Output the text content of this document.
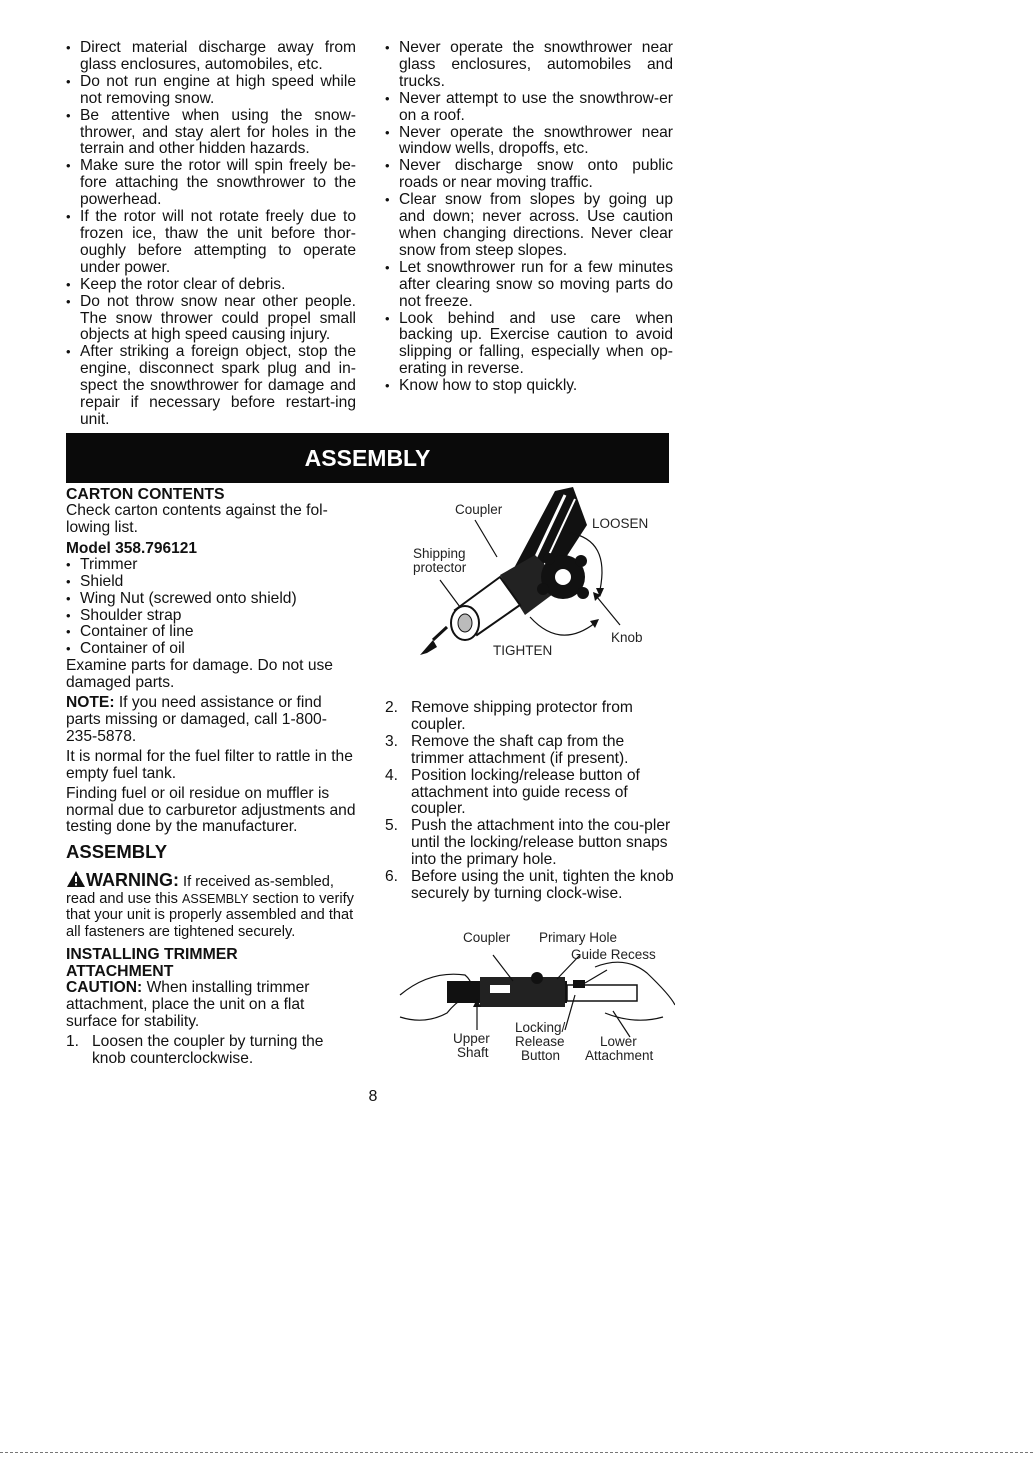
• Direct material discharge away from glass enclosures, automobiles, etc.
• Do not run engine at high speed while not removing snow.
• Be attentive when using the snow-thrower, and stay alert for holes in the terrain and other hidden hazards.
• Make sure the rotor will spin freely be-fore attaching the snowthrower to the powerhead.
• If the rotor will not rotate freely due to frozen ice, thaw the unit before thor-oughly before attempting to operate under power.
• Keep the rotor clear of debris.
• Do not throw snow near other people. The snow thrower could propel small objects at high speed causing injury.
• After striking a foreign object, stop the engine, disconnect spark plug and in-spect the snowthrower for damage and repair if necessary before restart-ing unit.
• Never operate the snowthrower near glass enclosures, automobiles and trucks.
• Never attempt to use the snowthrow-er on a roof.
• Never operate the snowthrower near window wells, dropoffs, etc.
• Never discharge snow onto public roads or near moving traffic.
• Clear snow from slopes by going up and down; never across. Use caution when changing directions. Never clear snow from steep slopes.
• Let snowthrower run for a few minutes after clearing snow so moving parts do not freeze.
• Look behind and use care when backing up. Exercise caution to avoid slipping or falling, especially when op-erating in reverse.
• Know how to stop quickly.
ASSEMBLY
CARTON CONTENTS

Check carton contents against the fol-lowing list.

Model 358.796121
• Trimmer
• Shield
• Wing Nut (screwed onto shield)
• Shoulder strap
• Container of line
• Container of oil

Examine parts for damage. Do not use damaged parts.

NOTE: If you need assistance or find parts missing or damaged, call 1-800-235-5878.

It is normal for the fuel filter to rattle in the empty fuel tank.

Finding fuel or oil residue on muffler is normal due to carburetor adjustments and testing done by the manufacturer.

ASSEMBLY
WARNING: If received as-sembled, read and use this ASSEMBLY section to verify that your unit is properly assembled and that all fasteners are tightened securely.
INSTALLING TRIMMER
ATTACHMENT

CAUTION: When installing trimmer attachment, place the unit on a flat surface for stability.

1. Loosen the coupler by turning the knob counterclockwise.
Coupler
LOOSEN
Shipping
protector
Knob
TIGHTEN
2. Remove shipping protector from coupler.
3. Remove the shaft cap from the trimmer attachment (if present).
4. Position locking/release button of attachment into guide recess of coupler.
5. Push the attachment into the cou-pler until the locking/release button snaps into the primary hole.
6. Before using the unit, tighten the knob securely by turning clock-wise.
Coupler Primary Hole
Guide Recess
Upper
Shaft
Locking/
Release
Button
Lower
Attachment
8
